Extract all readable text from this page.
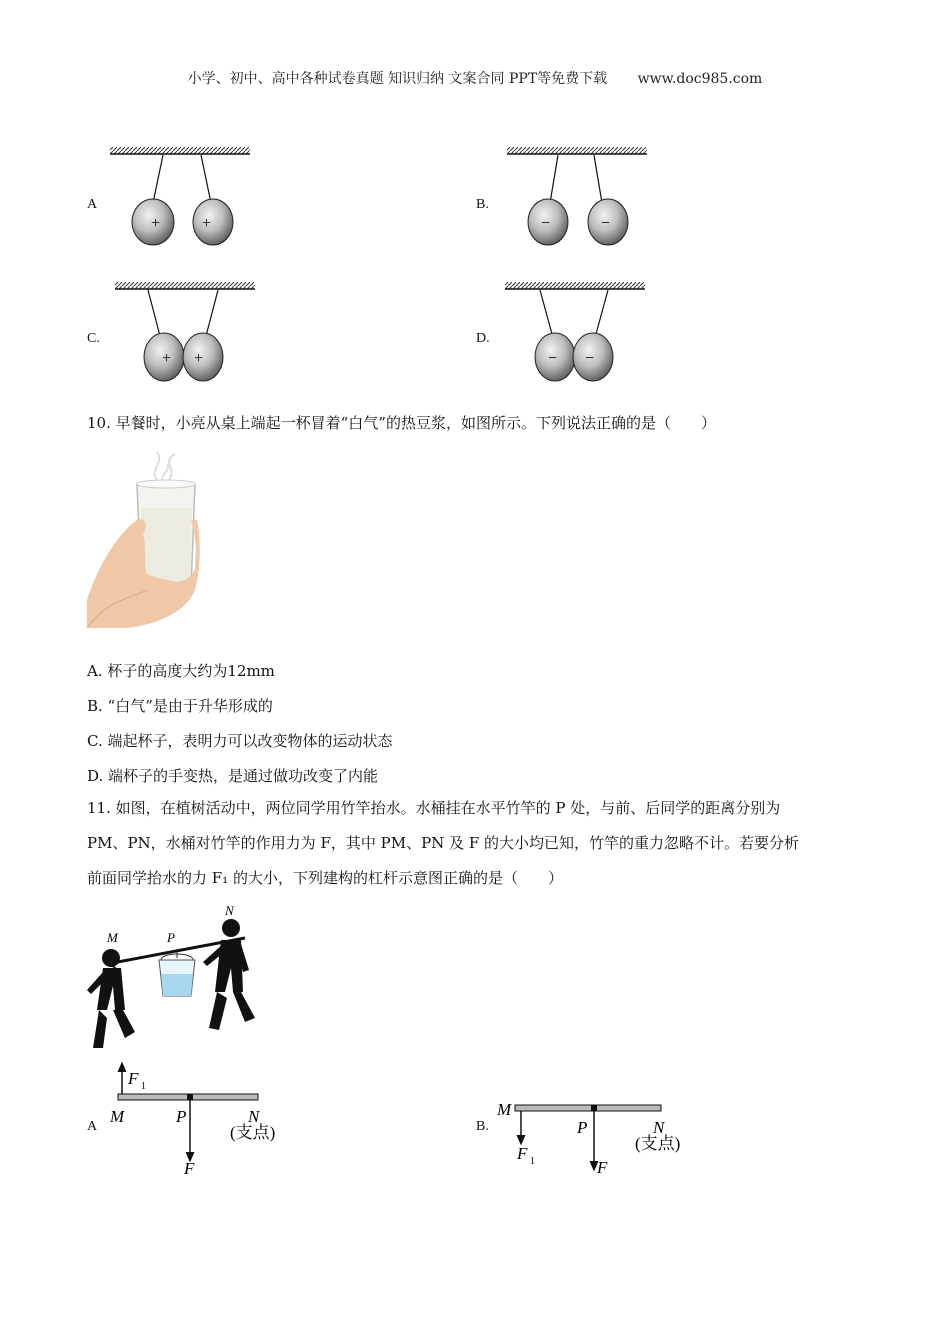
小学、初中、高中各种试卷真题 知识归纳 文案合同 PPT等免费下载 www.doc985.com
A
+	+
B.
−	−
C.
+ +
D.
− −
10. 早餐时，小亮从桌上端起一杯冒着“白气”的热豆浆，如图所示。下列说法正确的是（　　）
A. 杯子的高度大约为12mm
B. “白气”是由于升华形成的
C. 端起杯子，表明力可以改变物体的运动状态
D. 端杯子的手变热，是通过做功改变了内能
11. 如图，在植树活动中，两位同学用竹竿抬水。水桶挂在水平竹竿的 P 处，与前、后同学的距离分别为
PM、PN，水桶对竹竿的作用力为 F，其中 PM、PN 及 F 的大小均已知，竹竿的重力忽略不计。若要分析
前面同学抬水的力 F₁ 的大小，下列建构的杠杆示意图正确的是（　　）
M	P
N
A
F 1
M	P	N
(支点)
F
B.
M
F 1
P	N
(支点)
F
